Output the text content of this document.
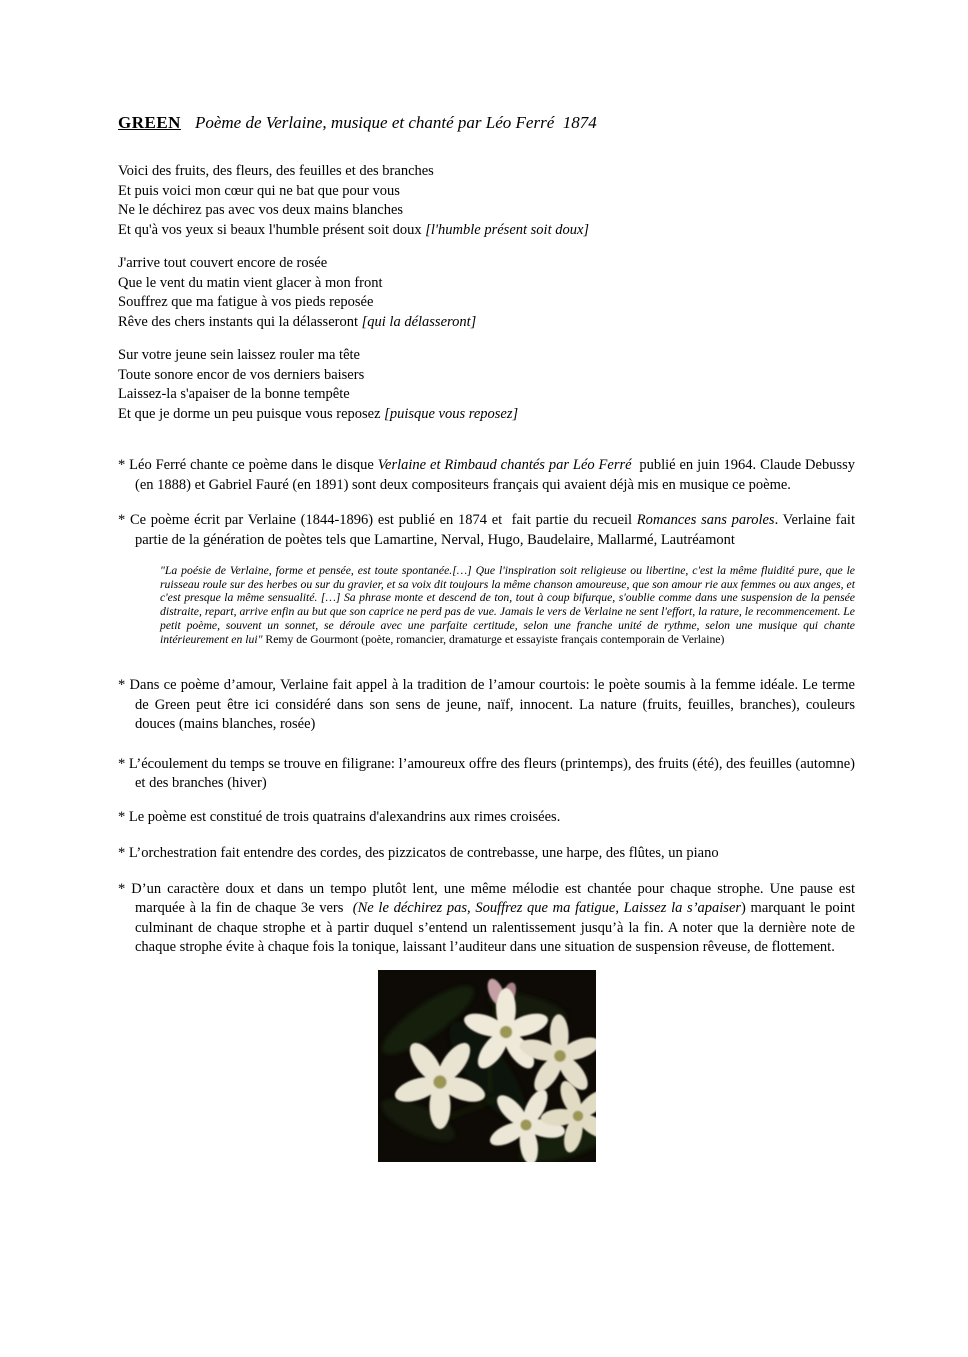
GREEN Poème de Verlaine, musique et chanté par Léo Ferré  1874

Voici des fruits, des fleurs, des feuilles et des branches

Et puis voici mon cœur qui ne bat que pour vous

Ne le déchirez pas avec vos deux mains blanches

Et qu'à vos yeux si beaux l'humble présent soit doux [l'humble présent soit doux]

J'arrive tout couvert encore de rosée

Que le vent du matin vient glacer à mon front

Souffrez que ma fatigue à vos pieds reposée

Rêve des chers instants qui la délasseront [qui la délasseront]

Sur votre jeune sein laissez rouler ma tête

Toute sonore encor de vos derniers baisers

Laissez-la s'apaiser de la bonne tempête

Et que je dorme un peu puisque vous reposez [puisque vous reposez]

* Léo Ferré chante ce poème dans le disque Verlaine et Rimbaud chantés par Léo Ferré  publié en juin 1964. Claude Debussy (en 1888) et Gabriel Fauré (en 1891) sont deux compositeurs français qui avaient déjà mis en musique ce poème.

* Ce poème écrit par Verlaine (1844-1896) est publié en 1874 et  fait partie du recueil Romances sans paroles. Verlaine fait partie de la génération de poètes tels que Lamartine, Nerval, Hugo, Baudelaire, Mallarmé, Lautréamont

"La poésie de Verlaine, forme et pensée, est toute spontanée.[…] Que l'inspiration soit religieuse ou libertine, c'est la même fluidité pure, que le ruisseau roule sur des herbes ou sur du gravier, et sa voix dit toujours la même chanson amoureuse, que son amour rie aux femmes ou aux anges, et c'est presque la même sensualité. […] Sa phrase monte et descend de ton, tout à coup bifurque, s'oublie comme dans une suspension de la pensée distraite, repart, arrive enfin au but que son caprice ne perd pas de vue. Jamais le vers de Verlaine ne sent l'effort, la rature, le recommencement. Le petit poème, souvent un sonnet, se déroule avec une parfaite certitude, selon une franche unité de rythme, selon une musique qui chante intérieurement en lui" Remy de Gourmont (poète, romancier, dramaturge et essayiste français contemporain de Verlaine)

* Dans ce poème d’amour, Verlaine fait appel à la tradition de l’amour courtois: le poète soumis à la femme idéale. Le terme de Green peut être ici considéré dans son sens de jeune, naïf, innocent. La nature (fruits, feuilles, branches), couleurs douces (mains blanches, rosée)

* L’écoulement du temps se trouve en filigrane: l’amoureux offre des fleurs (printemps), des fruits (été), des feuilles (automne) et des branches (hiver)

* Le poème est constitué de trois quatrains d'alexandrins aux rimes croisées.

* L’orchestration fait entendre des cordes, des pizzicatos de contrebasse, une harpe, des flûtes, un piano

* D’un caractère doux et dans un tempo plutôt lent, une même mélodie est chantée pour chaque strophe. Une pause est marquée à la fin de chaque 3e vers  (Ne le déchirez pas, Souffrez que ma fatigue, Laissez la s’apaiser) marquant le point culminant de chaque strophe et à partir duquel s’entend un ralentissement jusqu’à la fin. A noter que la dernière note de chaque strophe évite à chaque fois la tonique, laissant l’auditeur dans une situation de suspension rêveuse, de flottement.
